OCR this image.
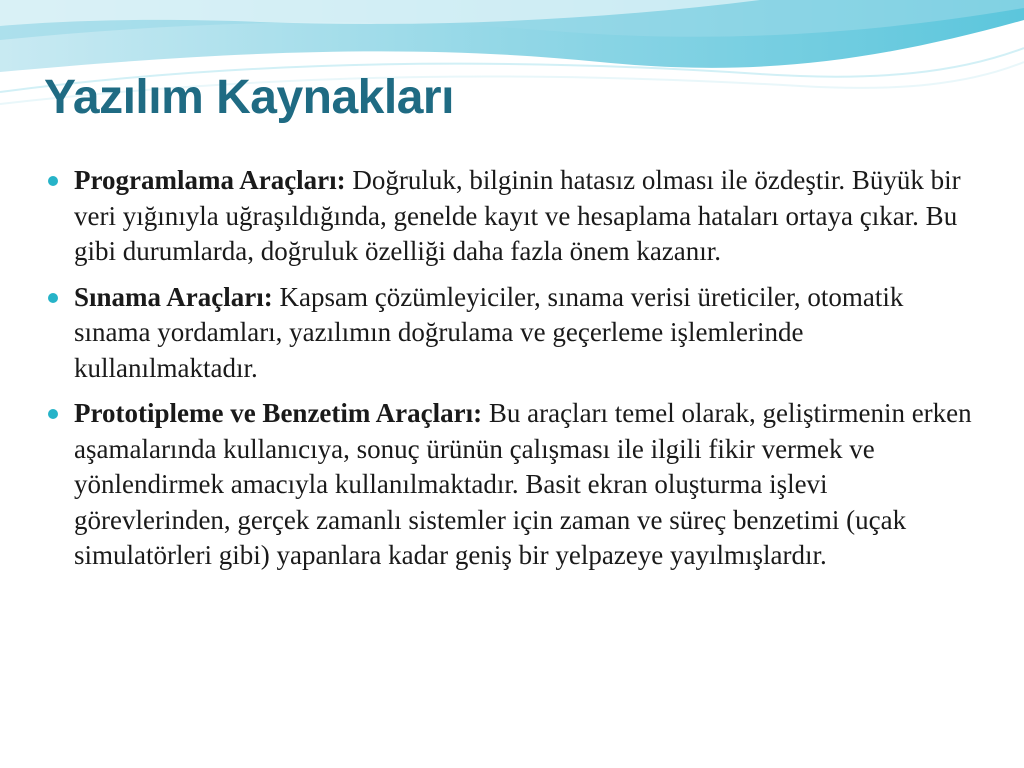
Yazılım Kaynakları
Programlama Araçları: Doğruluk, bilginin hatasız olması ile özdeştir. Büyük bir veri yığınıyla uğraşıldığında, genelde kayıt ve hesaplama hataları ortaya çıkar. Bu gibi durumlarda, doğruluk özelliği daha fazla önem kazanır.
Sınama Araçları: Kapsam çözümleyiciler, sınama verisi üreticiler, otomatik sınama yordamları, yazılımın doğrulama ve geçerleme işlemlerinde kullanılmaktadır.
Prototipleme ve Benzetim Araçları: Bu araçları temel olarak, geliştirmenin erken aşamalarında kullanıcıya, sonuç ürünün çalışması ile ilgili fikir vermek ve yönlendirmek amacıyla kullanılmaktadır. Basit ekran oluşturma işlevi görevlerinden, gerçek zamanlı sistemler için zaman ve süreç benzetimi (uçak simulatörleri gibi) yapanlara kadar geniş bir yelpazeye yayılmışlardır.
